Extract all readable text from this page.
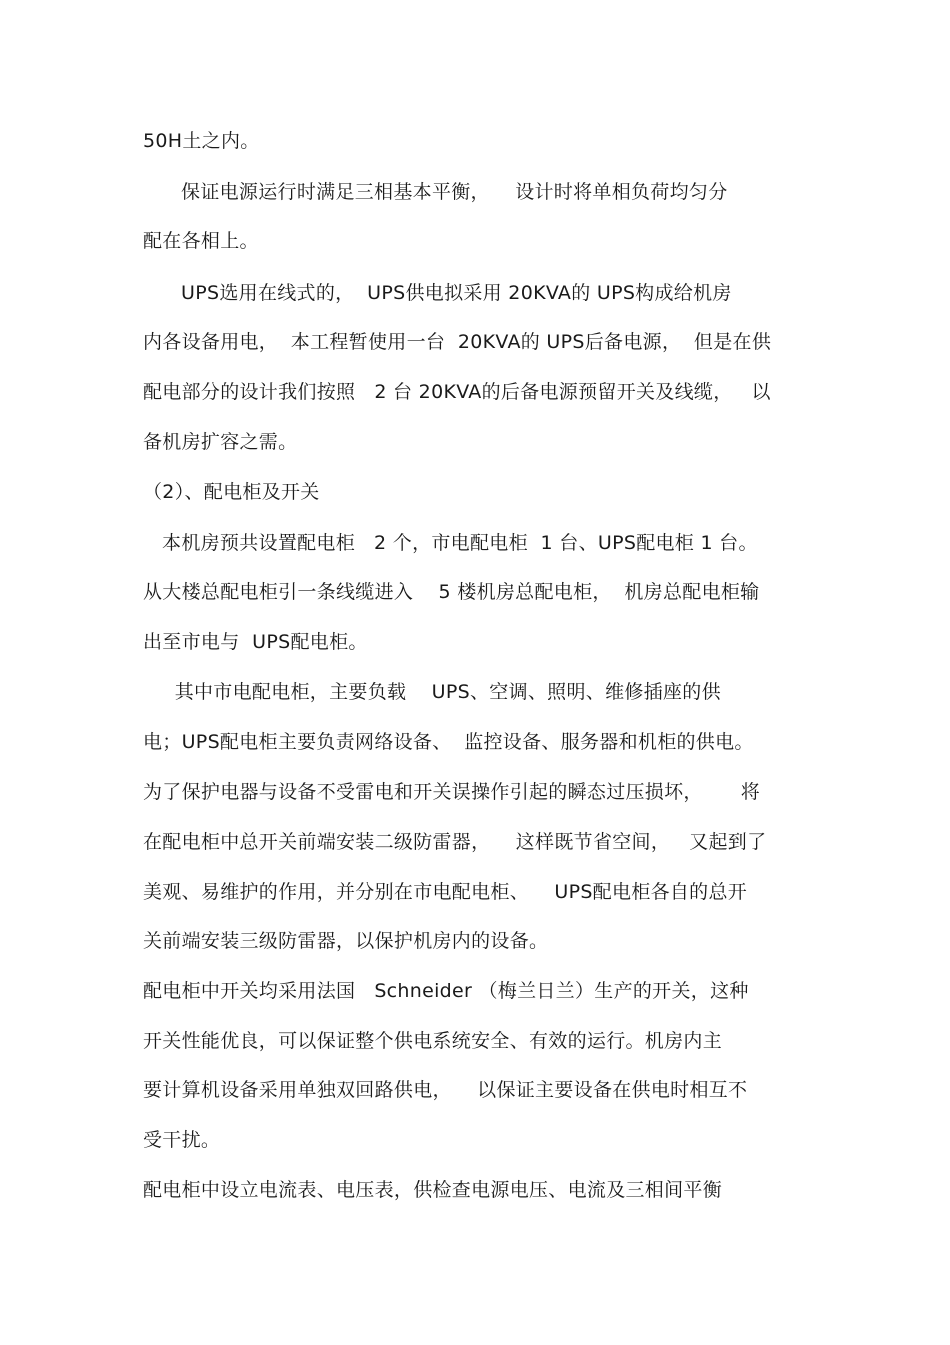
50H土之内。
保证电源运行时满足三相基本平衡，    设计时将单相负荷均匀分
配在各相上。
UPS选用在线式的，  UPS供电拟采用 20KVA的 UPS构成给机房
内各设备用电，  本工程暂使用一台  20KVA的 UPS后备电源，  但是在供
配电部分的设计我们按照   2 台 20KVA的后备电源预留开关及线缆，   以
备机房扩容之需。
（2）、配电柜及开关
本机房预共设置配电柜   2 个，市电配电柜  1 台、UPS配电柜 1 台。
从大楼总配电柜引一条线缆进入    5 楼机房总配电柜，  机房总配电柜输
出至市电与  UPS配电柜。
其中市电配电柜，主要负载    UPS、空调、照明、维修插座的供
电；UPS配电柜主要负责网络设备、  监控设备、服务器和机柜的供电。
为了保护电器与设备不受雷电和开关误操作引起的瞬态过压损坏，      将
在配电柜中总开关前端安装二级防雷器，    这样既节省空间，   又起到了
美观、易维护的作用，并分别在市电配电柜、    UPS配电柜各自的总开
关前端安装三级防雷器，以保护机房内的设备。
配电柜中开关均采用法国   Schneider （梅兰日兰）生产的开关，这种
开关性能优良，可以保证整个供电系统安全、有效的运行。机房内主
要计算机设备采用单独双回路供电，    以保证主要设备在供电时相互不
受干扰。
配电柜中设立电流表、电压表，供检查电源电压、电流及三相间平衡
